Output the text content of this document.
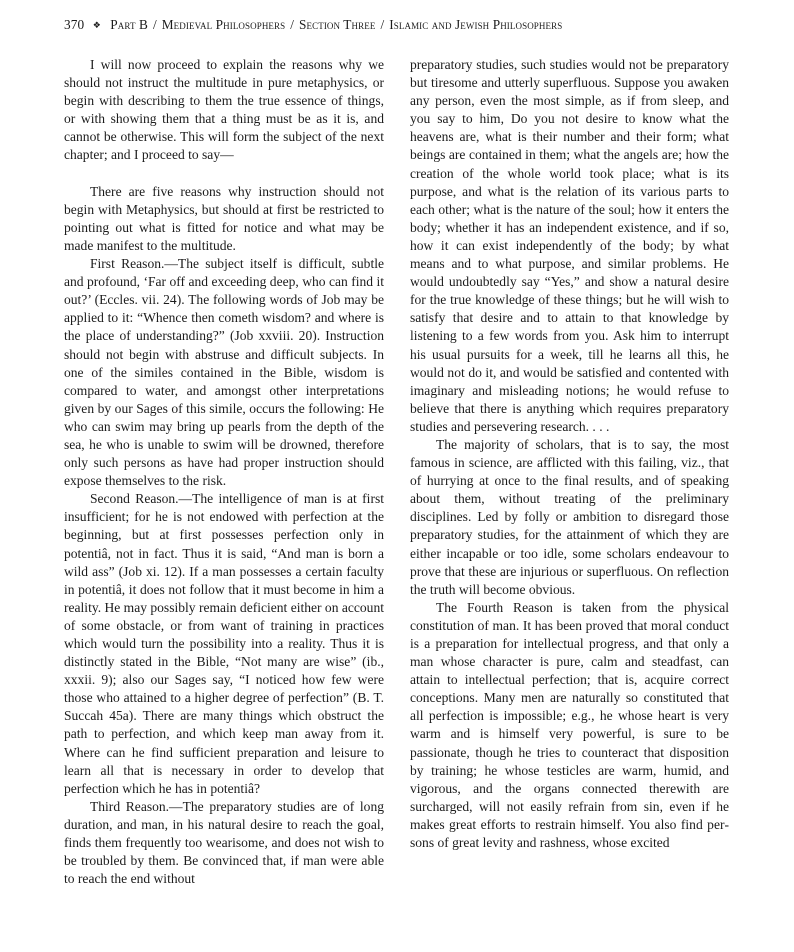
370 ❖ Part B / Medieval Philosophers / Section Three / Islamic and Jewish Philosophers

I will now proceed to explain the reasons why we should not instruct the multitude in pure metaphysics, or begin with describing to them the true essence of things, or with showing them that a thing must be as it is, and cannot be otherwise. This will form the subject of the next chapter; and I proceed to say—

There are five reasons why instruction should not begin with Metaphysics, but should at first be restricted to pointing out what is fitted for notice and what may be made manifest to the multitude.

First Reason.—The subject itself is difficult, subtle and profound, ‘Far off and exceeding deep, who can find it out?’ (Eccles. vii. 24). The following words of Job may be applied to it: “Whence then cometh wisdom? and where is the place of understanding?” (Job xxviii. 20). Instruction should not begin with abstruse and difficult subjects. In one of the similes contained in the Bible, wisdom is compared to water, and amongst other interpretations given by our Sages of this simile, occurs the following: He who can swim may bring up pearls from the depth of the sea, he who is unable to swim will be drowned, therefore only such persons as have had proper instruction should expose themselves to the risk.

Second Reason.—The intelligence of man is at first insufficient; for he is not endowed with perfection at the beginning, but at first possesses perfection only in potentiâ, not in fact. Thus it is said, “And man is born a wild ass” (Job xi. 12). If a man possesses a certain faculty in potentiâ, it does not follow that it must become in him a reality. He may possibly remain deficient either on account of some obstacle, or from want of training in practices which would turn the possibility into a reality. Thus it is distinctly stated in the Bible, “Not many are wise” (ib., xxxii. 9); also our Sages say, “I noticed how few were those who attained to a higher degree of perfection” (B. T. Succah 45a). There are many things which obstruct the path to perfection, and which keep man away from it. Where can he find sufficient preparation and leisure to learn all that is necessary in order to develop that perfection which he has in potentiâ?

Third Reason.—The preparatory studies are of long duration, and man, in his natural desire to reach the goal, finds them frequently too wearisome, and does not wish to be troubled by them. Be convinced that, if man were able to reach the end without

preparatory studies, such studies would not be preparatory but tiresome and utterly superfluous. Suppose you awaken any person, even the most simple, as if from sleep, and you say to him, Do you not desire to know what the heavens are, what is their number and their form; what beings are contained in them; what the angels are; how the creation of the whole world took place; what is its purpose, and what is the relation of its various parts to each other; what is the nature of the soul; how it enters the body; whether it has an independent existence, and if so, how it can exist independently of the body; by what means and to what purpose, and similar problems. He would undoubtedly say “Yes,” and show a natural desire for the true knowledge of these things; but he will wish to satisfy that desire and to attain to that knowledge by listening to a few words from you. Ask him to interrupt his usual pursuits for a week, till he learns all this, he would not do it, and would be satisfied and contented with imaginary and misleading notions; he would refuse to believe that there is anything which requires preparatory studies and persevering research. . . .

The majority of scholars, that is to say, the most famous in science, are afflicted with this failing, viz., that of hurrying at once to the final results, and of speaking about them, without treating of the preliminary disciplines. Led by folly or ambition to disregard those preparatory studies, for the attainment of which they are either incapable or too idle, some scholars endeavour to prove that these are injurious or superfluous. On reflection the truth will become obvious.

The Fourth Reason is taken from the physical constitution of man. It has been proved that moral conduct is a preparation for intellectual progress, and that only a man whose character is pure, calm and steadfast, can attain to intellectual perfection; that is, acquire correct conceptions. Many men are naturally so constituted that all perfection is impossible; e.g., he whose heart is very warm and is himself very powerful, is sure to be passionate, though he tries to counteract that disposition by training; he whose testicles are warm, humid, and vigorous, and the organs connected therewith are surcharged, will not easily refrain from sin, even if he makes great efforts to restrain himself. You also find persons of great levity and rashness, whose excited
